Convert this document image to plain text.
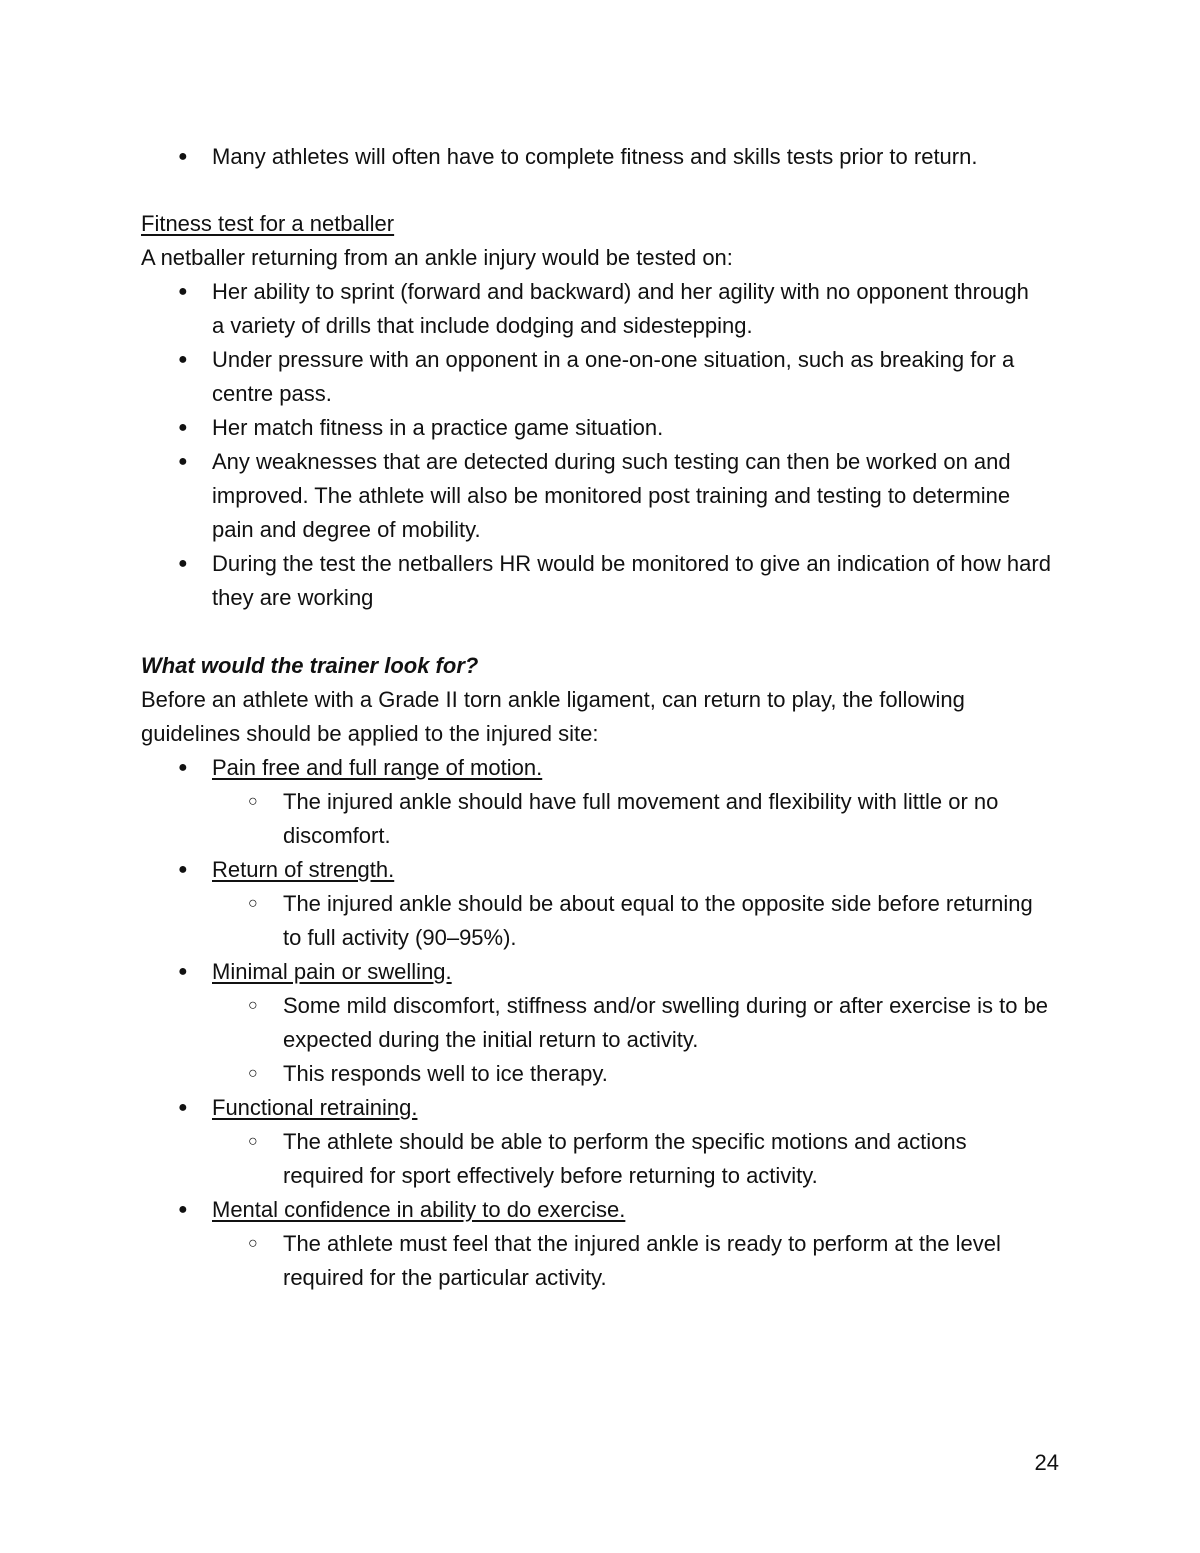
● Many athletes will often have to complete fitness and skills tests prior to return.
Fitness test for a netballer
A netballer returning from an ankle injury would be tested on:
● Her ability to sprint (forward and backward) and her agility with no opponent through
a variety of drills that include dodging and sidestepping.
● Under pressure with an opponent in a one-on-one situation, such as breaking for a
centre pass.
● Her match fitness in a practice game situation.
● Any weaknesses that are detected during such testing can then be worked on and
improved. The athlete will also be monitored post training and testing to determine
pain and degree of mobility.
● During the test the netballers HR would be monitored to give an indication of how hard
they are working
What would the trainer look for?
Before an athlete with a Grade II torn ankle ligament, can return to play, the following
guidelines should be applied to the injured site:
● Pain free and full range of motion.
○ The injured ankle should have full movement and flexibility with little or no
discomfort.
● Return of strength.
○ The injured ankle should be about equal to the opposite side before returning
to full activity (90–95%).
● Minimal pain or swelling.
○ Some mild discomfort, stiffness and/or swelling during or after exercise is to be
expected during the initial return to activity.
○ This responds well to ice therapy.
● Functional retraining.
○ The athlete should be able to perform the specific motions and actions
required for sport effectively before returning to activity.
● Mental confidence in ability to do exercise.
○ The athlete must feel that the injured ankle is ready to perform at the level
required for the particular activity.
24
